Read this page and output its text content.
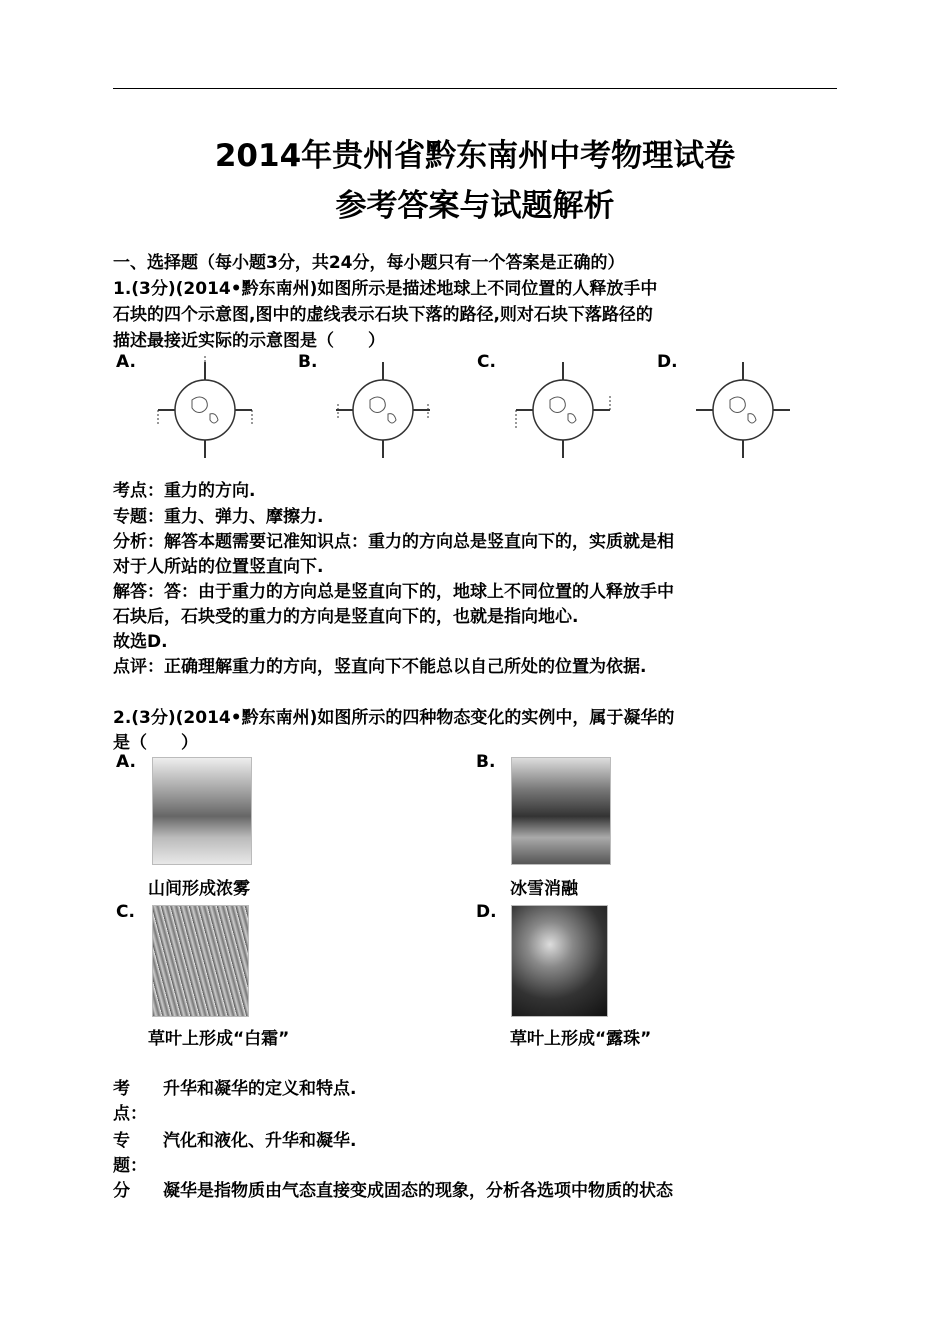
2014年贵州省黔东南州中考物理试卷
参考答案与试题解析
一、选择题（每小题3分，共24分，每小题只有一个答案是正确的）
1.(3分)(2014•黔东南州)如图所示是描述地球上不同位置的人释放手中
石块的四个示意图,图中的虚线表示石块下落的路径,则对石块下落路径的
描述最接近实际的示意图是（　　）
A.	B.	C.	D.
考点：重力的方向.
专题：重力、弹力、摩擦力.
分析：解答本题需要记准知识点：重力的方向总是竖直向下的，实质就是相
对于人所站的位置竖直向下.
解答：答：由于重力的方向总是竖直向下的，地球上不同位置的人释放手中
石块后，石块受的重力的方向是竖直向下的，也就是指向地心.
故选D.
点评：正确理解重力的方向，竖直向下不能总以自己所处的位置为依据.
2.(3分)(2014•黔东南州)如图所示的四种物态变化的实例中，属于凝华的
是（　　）
A.
山间形成浓雾
B.
冰雪消融
C.
草叶上形成“白霜”
D.
草叶上形成“露珠”
考 升华和凝华的定义和特点.
点：
专 汽化和液化、升华和凝华.
题：
分 凝华是指物质由气态直接变成固态的现象，分析各选项中物质的状态
